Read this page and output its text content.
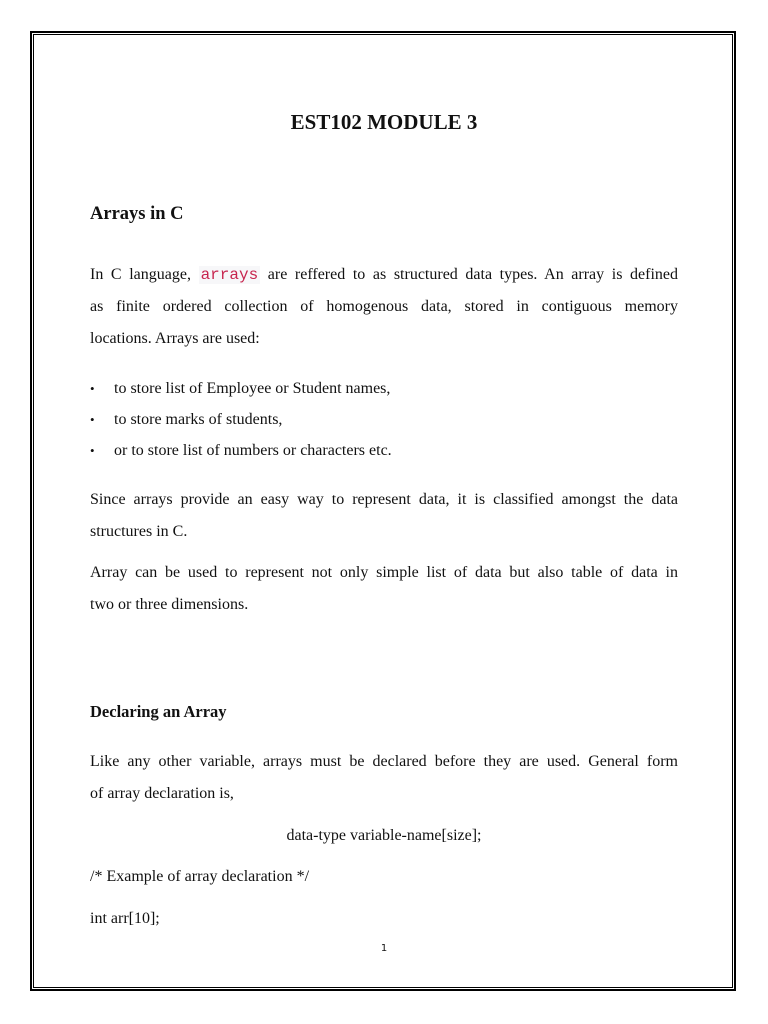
EST102 MODULE 3
Arrays in C
In C language, arrays are reffered to as structured data types. An array is defined
as finite ordered collection of homogenous data, stored in contiguous memory
locations. Arrays are used:
• to store list of Employee or Student names,
• to store marks of students,
• or to store list of numbers or characters etc.
Since arrays provide an easy way to represent data, it is classified amongst the data
structures in C.
Array can be used to represent not only simple list of data but also table of data in
two or three dimensions.
Declaring an Array
Like any other variable, arrays must be declared before they are used. General form
of array declaration is,
data-type variable-name[size];
/* Example of array declaration */
int arr[10];
1
